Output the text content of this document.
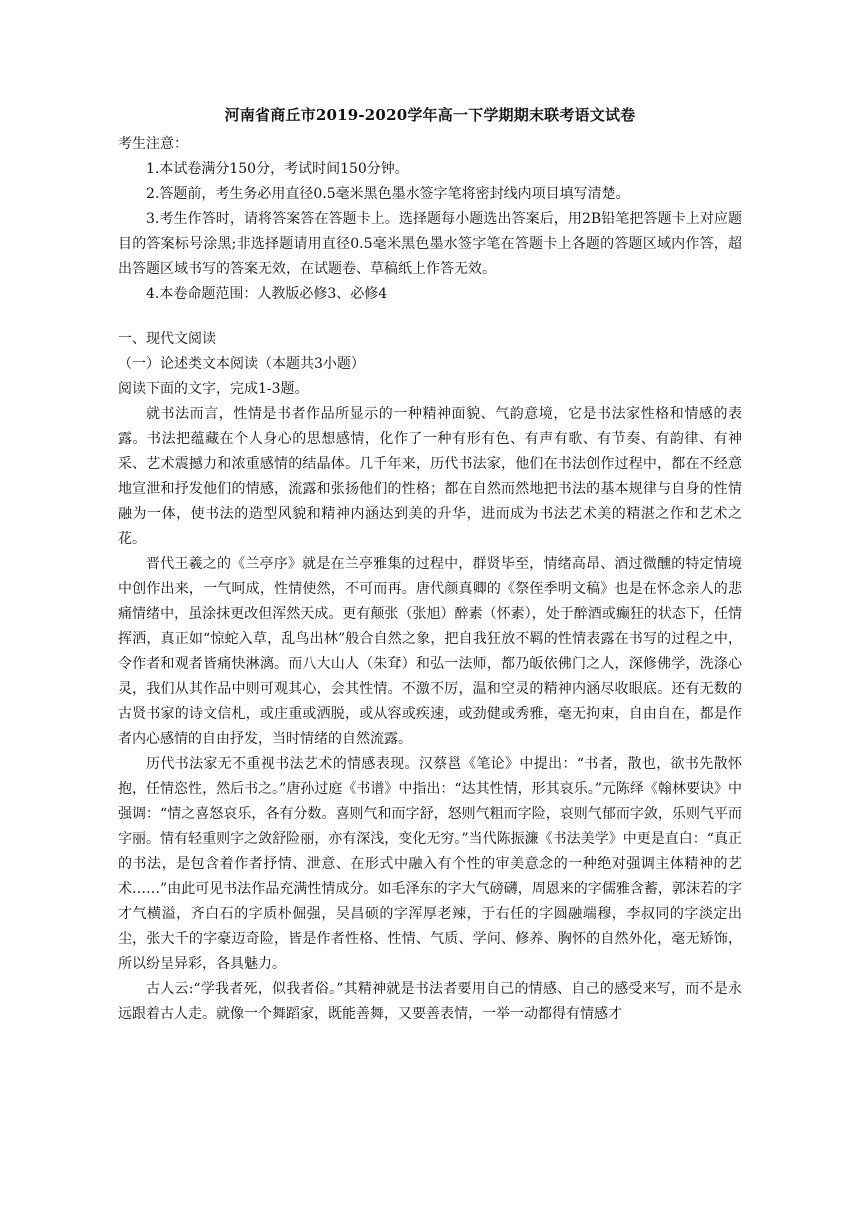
河南省商丘市2019-2020学年高一下学期期末联考语文试卷

考生注意：

1.本试卷满分150分，考试时间150分钟。

2.答题前，考生务必用直径0.5毫米黑色墨水签字笔将密封线内项目填写清楚。

3.考生作答时，请将答案答在答题卡上。选择题每小题选出答案后，用2B铅笔把答题卡上对应题目的答案标号涂黑;非选择题请用直径0.5毫米黑色墨水签字笔在答题卡上各题的答题区域内作答，超出答题区域书写的答案无效，在试题卷、草稿纸上作答无效。

4.本卷命题范围：人教版必修3、必修4

一、现代文阅读

（一）论述类文本阅读（本题共3小题）

阅读下面的文字，完成1-3题。

就书法而言，性情是书者作品所显示的一种精神面貌、气韵意境，它是书法家性格和情感的表露。书法把蕴藏在个人身心的思想感情，化作了一种有形有色、有声有歌、有节奏、有韵律、有神采、艺术震撼力和浓重感情的结晶体。几千年来，历代书法家，他们在书法创作过程中，都在不经意地宣泄和抒发他们的情感，流露和张扬他们的性格；都在自然而然地把书法的基本规律与自身的性情融为一体，使书法的造型风貌和精神内涵达到美的升华，进而成为书法艺术美的精湛之作和艺术之花。

晋代王羲之的《兰亭序》就是在兰亭雅集的过程中，群贤毕至，情绪高昂、酒过微醺的特定情境中创作出来，一气呵成，性情使然，不可而再。唐代颜真卿的《祭侄季明文稿》也是在怀念亲人的悲痛情绪中，虽涂抹更改但浑然天成。更有颠张（张旭）醉素（怀素），处于醉酒或癫狂的状态下，任情挥洒，真正如“惊蛇入草，乱鸟出林”般合自然之象，把自我狂放不羁的性情表露在书写的过程之中，令作者和观者皆痛快淋漓。而八大山人（朱耷）和弘一法师，都乃皈依佛门之人，深修佛学，洗涤心灵，我们从其作品中则可观其心，会其性情。不激不厉，温和空灵的精神内涵尽收眼底。还有无数的古贤书家的诗文信札，或庄重或洒脱，或从容或疾速，或劲健或秀雅，毫无拘束，自由自在，都是作者内心感情的自由抒发，当时情绪的自然流露。

历代书法家无不重视书法艺术的情感表现。汉蔡邕《笔论》中提出：“书者，散也，欲书先散怀抱，任情恣性，然后书之。”唐孙过庭《书谱》中指出：“达其性情，形其哀乐。”元陈绎《翰林要诀》中强调：“情之喜怒哀乐，各有分数。喜则气和而字舒，怒则气粗而字险，哀则气郁而字敛，乐则气平而字丽。情有轻重则字之敛舒险丽，亦有深浅，变化无穷。”当代陈振濂《书法美学》中更是直白：“真正的书法，是包含着作者抒情、泄意、在形式中融入有个性的审美意念的一种绝对强调主体精神的艺术……”由此可见书法作品充满性情成分。如毛泽东的字大气磅礴，周恩来的字儒雅含蓄，郭沫若的字才气横溢，齐白石的字质朴倔强，吴昌硕的字浑厚老辣，于右任的字圆融端穆，李叔同的字淡定出尘，张大千的字豪迈奇险，皆是作者性格、性情、气质、学问、修养、胸怀的自然外化，毫无矫饰，所以纷呈异彩，各具魅力。

古人云:“学我者死，似我者俗。”其精神就是书法者要用自己的情感、自己的感受来写，而不是永远跟着古人走。就像一个舞蹈家，既能善舞，又要善表情，一举一动都得有情感才
